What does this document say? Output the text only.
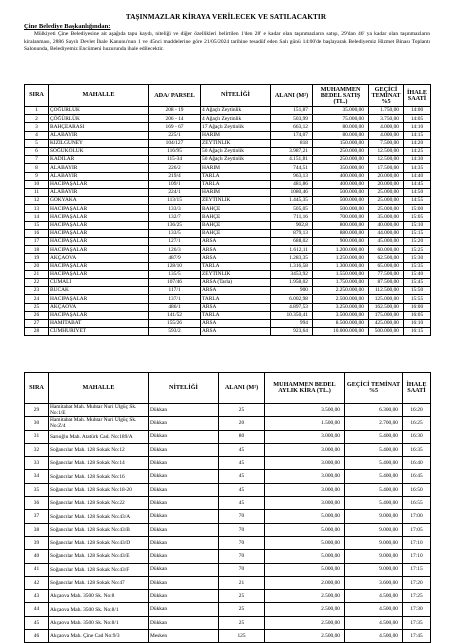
TAŞINMAZLAR KİRAYA VERİLECEK VE SATILACAKTIR
Çine Belediye Başkanlığından:
Mülkiyeti Çine Belediyesine ait aşağıda tapu kaydı, niteliği ve diğer özellikleri belirtilen 1'den 28' e kadar olan taşınmazların satışı, 29'dan 46' ya kadar olan taşınmazların kiralanması, 2886 Sayılı Devlet İhale Kanunu'nun 1 ve 45nci maddelerine göre 21/05/2024 tarihine tesadüf eden Salı günü 14:00'de başlayarak Belediyemiz Hizmet Binası Toplantı Salonunda, Belediyemiz Encümeni huzurunda ihale edilecektir.
SIRA	MAHALLE	ADA/ PARSEL	NİTELİĞİ	ALANI (M²)	MUHAMMEN BEDEL SATIŞ (TL.)	GEÇİCİ TEMİNAT %5	İHALE SAATİ
1	ÇÖĞÜRLÜK	208 - 19	4 Ağaçlı Zeytinlik	151,87	35.000,00	1.750,00	14:00
2	ÇÖĞÜRLÜK	206 - 14	4 Ağaçlı Zeytinlik	503,99	75.000,00	3.750,00	14:05
3	BAHÇEARASI	169 - 67	17 Ağaçlı Zeytinlik	663,12	80.000,00	4.000,00	14:10
4	ALABAYIR	225/1	HARIM	174,07	80.000,00	4.000,00	14:15
5	KIZILGÜNEY	104/127	ZEYTİNLİK	818	150.000,00	7.500,00	14:20
6	SOĞUKOLUK	116/95	50 Ağaçlı Zeytinlik	3.987,21	250.000,00	12.500,00	14:25
7	KADILAR	115-34	50 Ağaçlı Zeytinlik	4.151,81	250.000,00	12.500,00	14:30
8	ALABAYIR	226/2	HARIM	744,51	350.000,00	17.500,00	14:35
9	ALABAYIR	219/4	TARLA	963,13	400.000,00	20.000,00	14:40
10	HACIPAŞALAR	109/1	TARLA	481,86	400.000,00	20.000,00	14:45
11	ALABAYIR	224/1	HARIM	1080,46	500.000,00	25.000,00	14:50
12	GÖKYAKA	113/15	ZEYTİNLİK	1.445,35	500.000,00	25.000,00	14:55
13	HACIPAŞALAR	133/3	BAHÇE	505,05	500.000,00	25.000,00	15:00
14	HACIPAŞALAR	132/7	BAHÇE	711,16	700.000,00	35.000,00	15:05
15	HACIPAŞALAR	136/25	BAHÇE	902,8	800.000,00	40.000,00	15:10
16	HACIPAŞALAR	133/5	BAHÇE	879,13	880.000,00	44.000,00	15:15
17	HACIPAŞALAR	127/1	ARSA	688,02	900.000,00	45.000,00	15:20
18	HACIPAŞALAR	126/3	ARSA	1.612,11	1.200.000,00	60.000,00	15:25
19	AKÇAOVA	487/9	ARSA	1.283,35	1.250.000,00	62.500,00	15:30
20	HACIPAŞALAR	128/10	TARLA	1.316,58	1.300.000,00	65.000,00	15:35
21	HACIPAŞALAR	135/5	ZEYTİNLİK	3453,92	1.550.000,00	77.500,00	15:40
22	CUMALI	107/46	ARSA (Tarla)	1.958,02	1.750.000,00	87.500,00	15:45
23	BUCAK	117/1	ARSA	900	2.250.000,00	112.500,00	15:50
24	HACIPAŞALAR	137/1	TARLA	6.002,98	2.500.000,00	125.000,00	15:55
25	AKÇAOVA	486/1	ARSA	4.897,53	3.250.000,00	162.500,00	16:00
26	HACIPAŞALAR	141/52	TARLA	10.350,41	3.500.000,00	175.000,00	16:05
27	HAMITABAT	155/26	ARSA	994	8.500.000,00	425.000,00	16:10
28	CUMHURİYET	593/2	ARSA	923,64	10.000.000,00	500.000,00	16:15
SIRA	MAHALLE	NİTELİĞİ	ALANI (M²)	MUHAMMEN BEDEL AYLIK KİRA (TL.)	GEÇİCİ TEMİNAT %5	İHALE SAATİ
29	Hamitabat Mah. Muhtar Nuri Ülgüç Sk. No:1/E	Dükkan	25	3.500,00	6.300,00	16:20
30	Hamitabat Mah. Muhtar Nuri Ülgüç Sk. No:Z/4	Dükkan	20	1.500,00	2.700,00	16:25
31	Sarıoğlu Mah. Atatürk Cad. No:189/A	Dükkan	80	3.000,00	5.400,00	16:30
32	Soğancılar Mah. 128 Sokak No:12	Dükkan	45	3.000,00	5.400,00	16:35
33	Soğancılar Mah. 128 Sokak No:14	Dükkan	45	3.000,00	5.400,00	16:40
34	Soğancılar Mah. 128 Sokak No:16	Dükkan	45	3.000,00	5.400,00	16:45
35	Soğancılar Mah. 128 Sokak No:18-20	Dükkan	45	3.000,00	5.400,00	16:50
36	Soğancılar Mah. 128 Sokak No:22	Dükkan	45	3.000,00	5.400,00	16:55
37	Soğancılar Mah. 128 Sokak No:43/A	Dükkan	70	5.000,00	9.000,00	17:00
38	Soğancılar Mah. 128 Sokak No:43/B	Dükkan	70	5.000,00	9.000,00	17:05
39	Soğancılar Mah. 128 Sokak No:43/D	Dükkan	70	5.000,00	9.000,00	17:10
40	Soğancılar Mah. 128 Sokak No:43/E	Dükkan	70	5.000,00	9.000,00	17:10
41	Soğancılar Mah. 128 Sokak No:43/F	Dükkan	70	5.000,00	9.000,00	17:15
42	Soğancılar Mah. 128 Sokak No:47	Dükkan	21	2.000,00	3.600,00	17:20
43	Akçaova Mah. 3500 Sk. No:8	Dükkan	25	2.500,00	4.500,00	17:25
44	Akçaova Mah. 3500 Sk. No:8/1	Dükkan	25	2.500,00	4.500,00	17:30
45	Akçaova Mah. 3500 Sk. No:8/1	Dükkan	25	2.500,00	4.500,00	17:35
46	Akçaova Mah. Çine Cad No:9/3	Mesken	125	2.500,00	4.500,00	17:45
